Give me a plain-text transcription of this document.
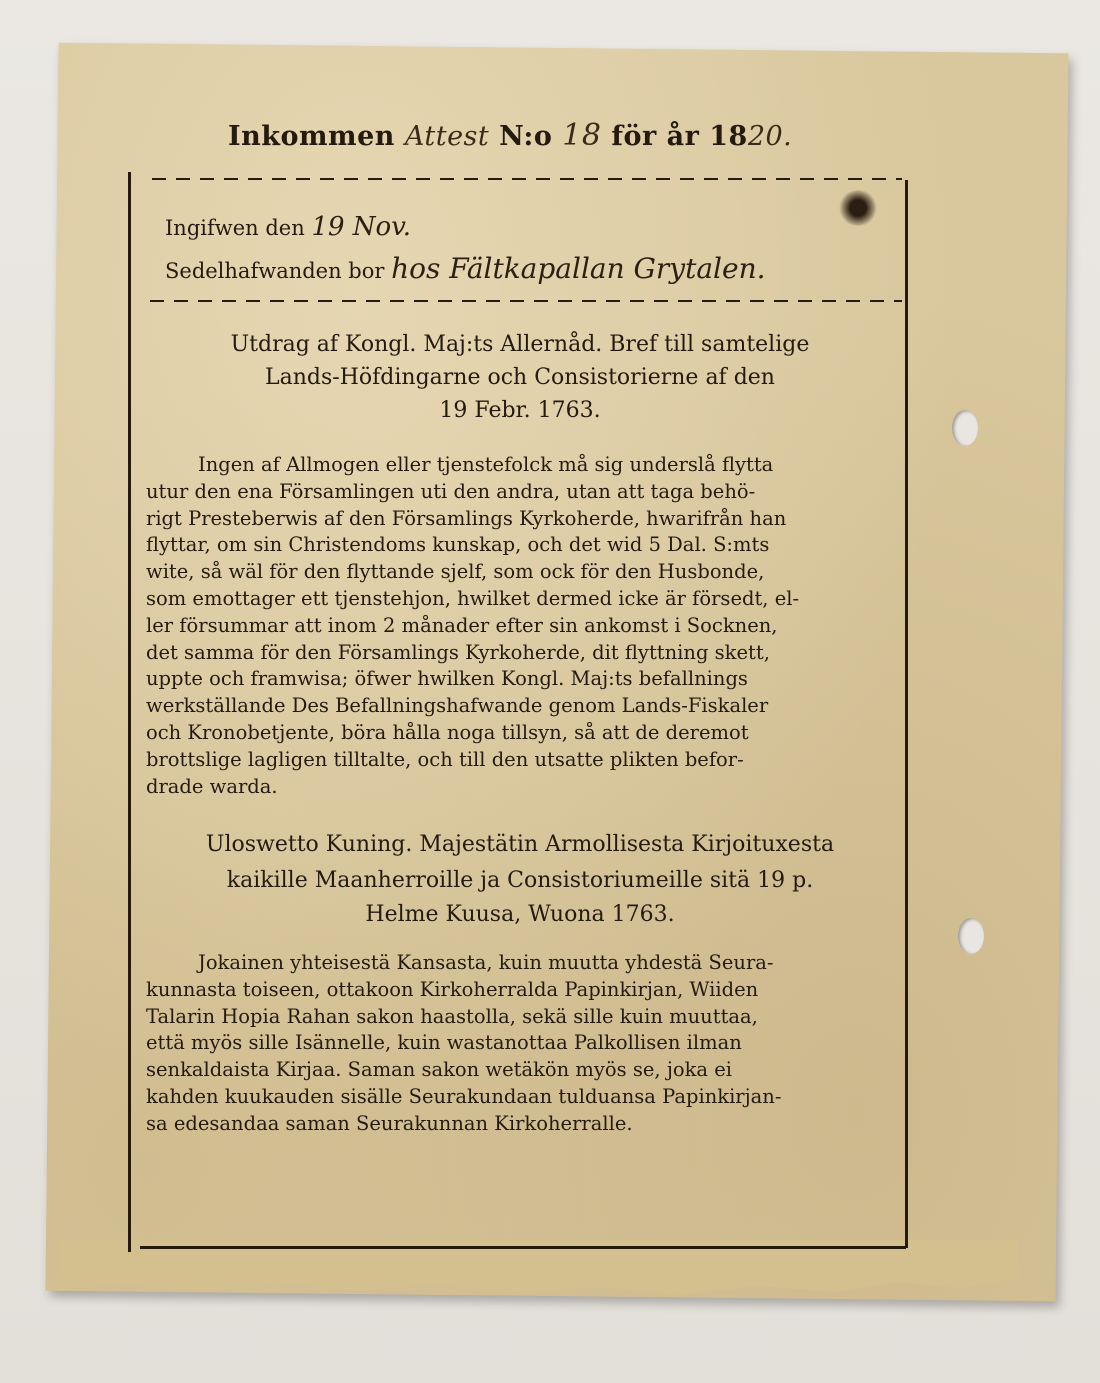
Inkommen Attest N:o 18 för år 1820.
Ingifwen den 19 Nov.
Sedelhafwanden bor hos Fältkapallan Grytalen.
Utdrag af Kongl. Maj:ts Allernåd. Bref till samtelige
Lands-Höfdingarne och Consistorierne af den
19 Febr. 1763.
Ingen af Allmogen eller tjenstefolck må sig underslå flytta
utur den ena Församlingen uti den andra, utan att taga behö-
rigt Presteberwis af den Församlings Kyrkoherde, hwarifrån han
flyttar, om sin Christendoms kunskap, och det wid 5 Dal. S:mts
wite, så wäl för den flyttande sjelf, som ock för den Husbonde,
som emottager ett tjenstehjon, hwilket dermed icke är försedt, el-
ler försummar att inom 2 månader efter sin ankomst i Socknen,
det samma för den Församlings Kyrkoherde, dit flyttning skett,
uppte och framwisa; öfwer hwilken Kongl. Maj:ts befallnings
werkställande Des Befallningshafwande genom Lands-Fiskaler
och Kronobetjente, böra hålla noga tillsyn, så att de deremot
brottslige lagligen tilltalte, och till den utsatte plikten befor-
drade warda.
Uloswetto Kuning. Majestätin Armollisesta Kirjoituxesta
kaikille Maanherroille ja Consistoriumeille sitä 19 p.
Helme Kuusa, Wuona 1763.
Jokainen yhteisestä Kansasta, kuin muutta yhdestä Seura-
kunnasta toiseen, ottakoon Kirkoherralda Papinkirjan, Wiiden
Talarin Hopia Rahan sakon haastolla, sekä sille kuin muuttaa,
että myös sille Isännelle, kuin wastanottaa Palkollisen ilman
senkaldaista Kirjaa. Saman sakon wetäkön myös se, joka ei
kahden kuukauden sisälle Seurakundaan tulduansa Papinkirjan-
sa edesandaa saman Seurakunnan Kirkoherralle.
